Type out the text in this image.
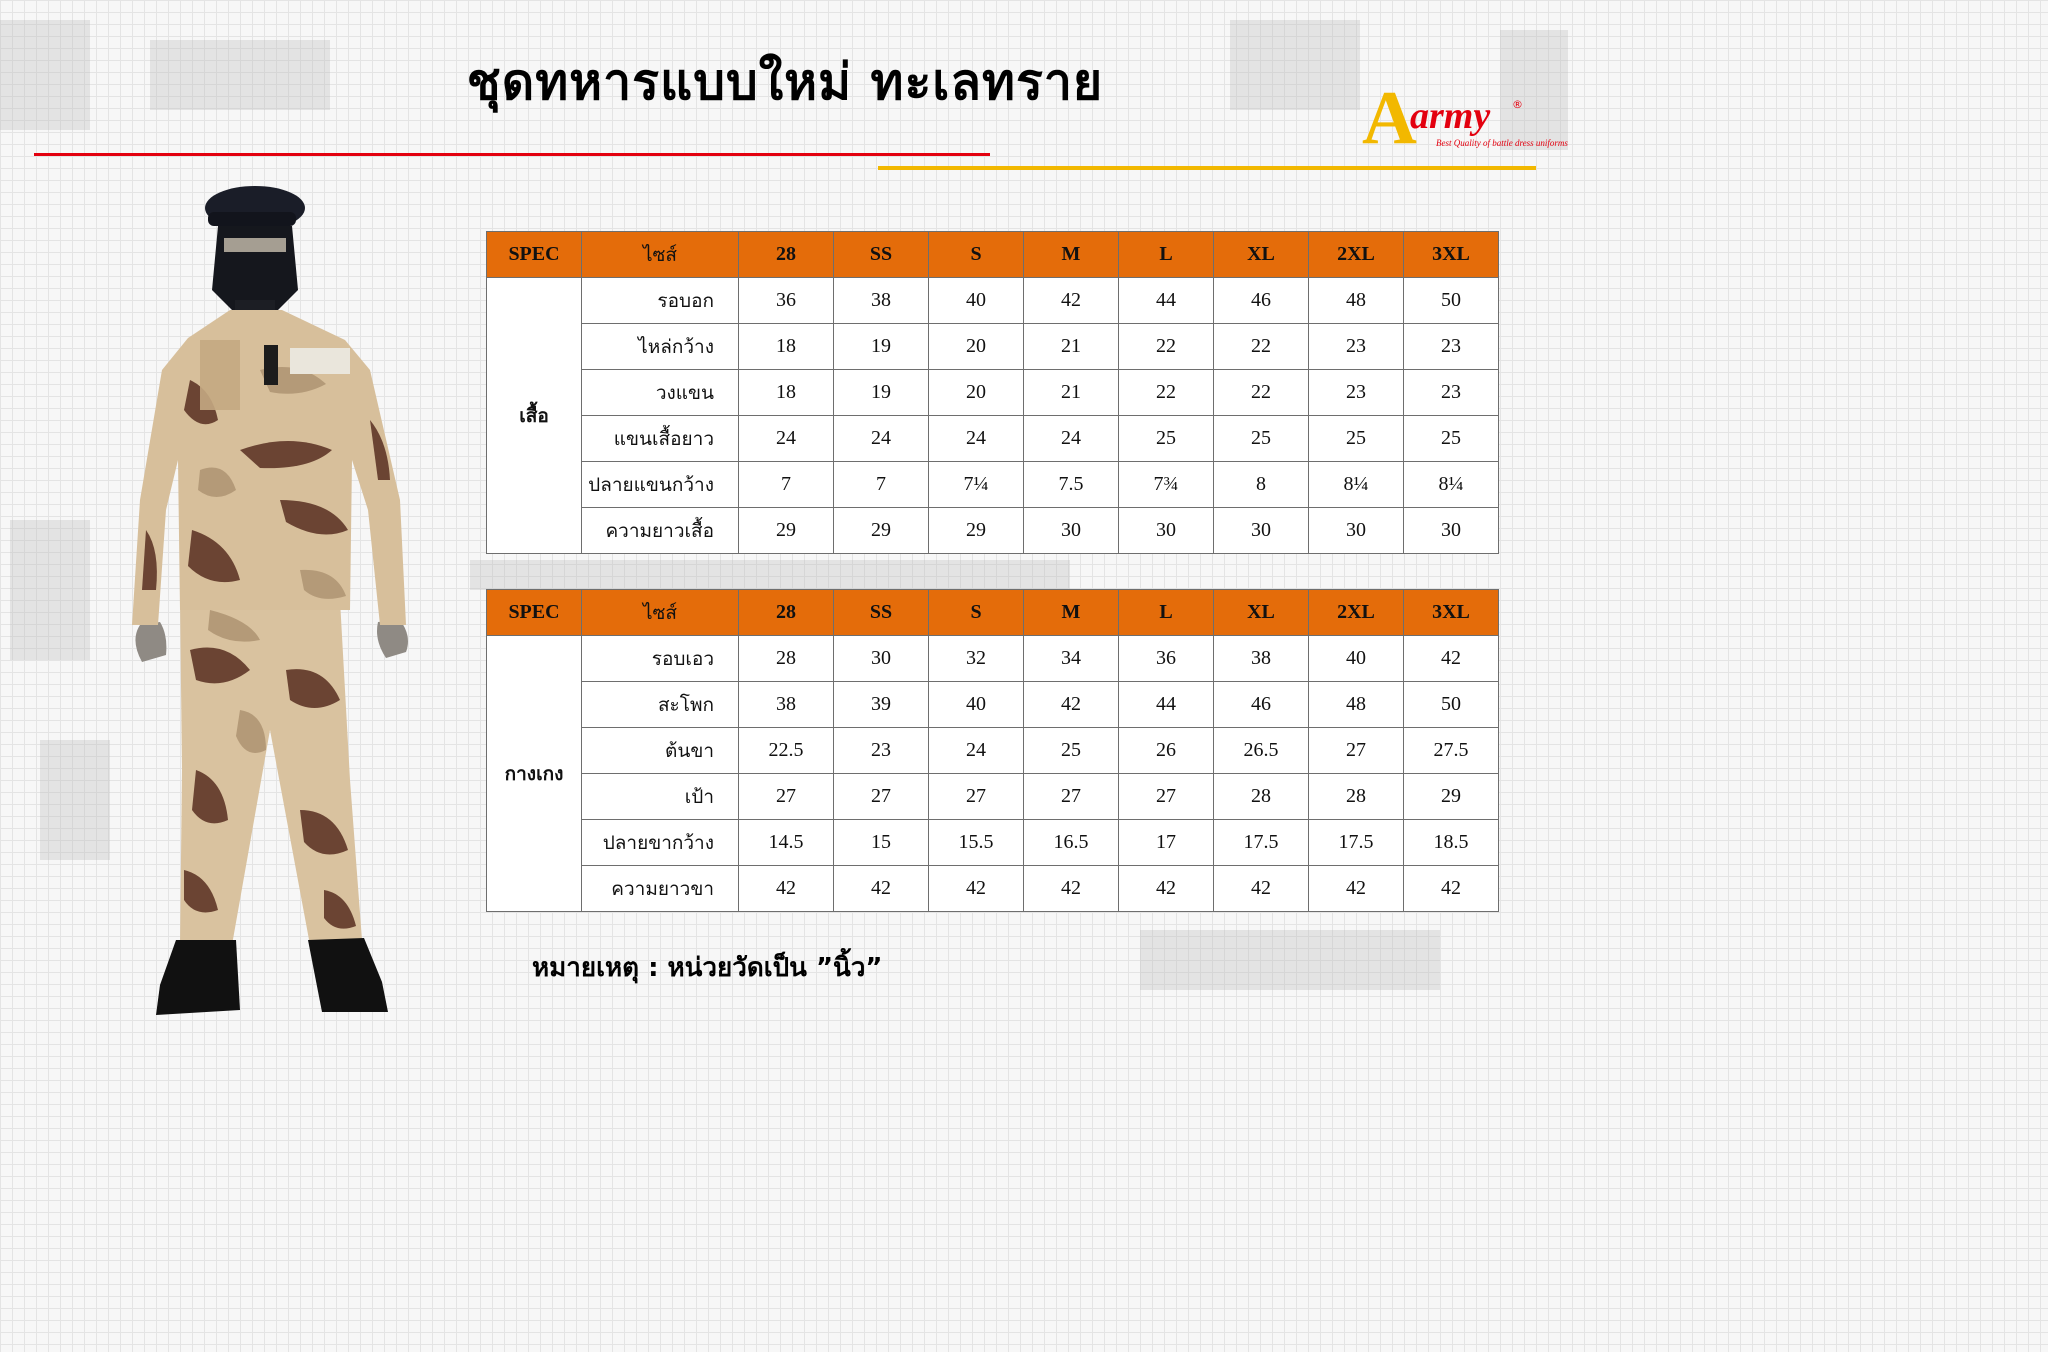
ชุดทหารแบบใหม่ ทะเลทราย	A
army ®
Best Quality of battle dress uniforms
SPEC	ไซส์	28	SS	S	M	L	XL	2XL	3XL
เสื้อ	รอบอก	36	38	40	42	44	46	48	50
	ไหล่กว้าง	18	19	20	21	22	22	23	23
	วงแขน	18	19	20	21	22	22	23	23
	แขนเสื้อยาว	24	24	24	24	25	25	25	25
	ปลายแขนกว้าง	7	7	7¼	7.5	7¾	8	8¼	8¼
	ความยาวเสื้อ	29	29	29	30	30	30	30	30
SPEC	ไซส์	28	SS	S	M	L	XL	2XL	3XL
กางเกง	รอบเอว	28	30	32	34	36	38	40	42
	สะโพก	38	39	40	42	44	46	48	50
	ต้นขา	22.5	23	24	25	26	26.5	27	27.5
	เป้า	27	27	27	27	27	28	28	29
	ปลายขากว้าง	14.5	15	15.5	16.5	17	17.5	17.5	18.5
	ความยาวขา	42	42	42	42	42	42	42	42
หมายเหตุ : หน่วยวัดเป็น ”นิ้ว”
